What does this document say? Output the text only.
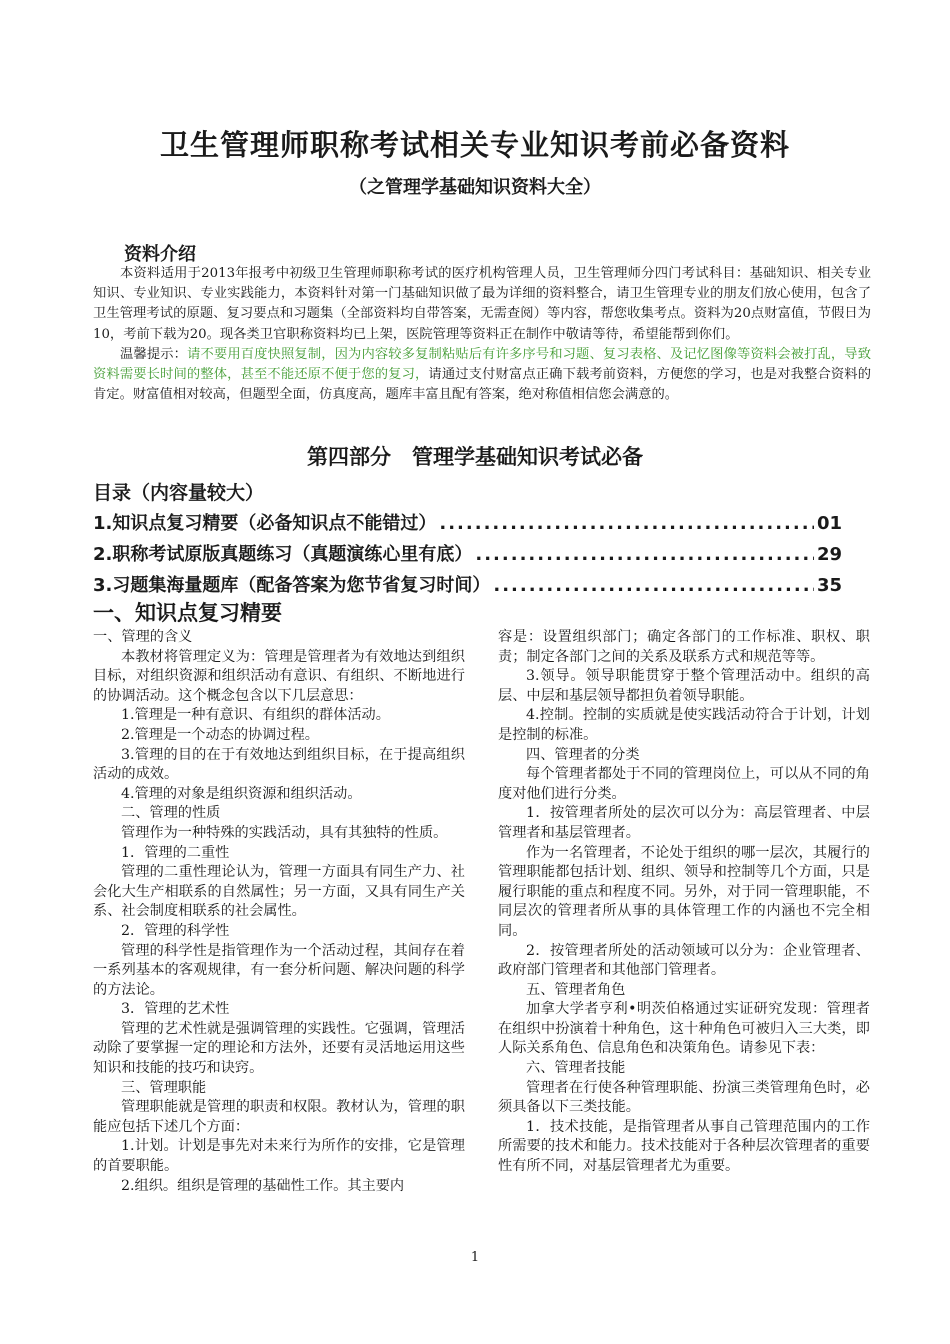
卫生管理师职称考试相关专业知识考前必备资料
（之管理学基础知识资料大全）
资料介绍

本资料适用于2013年报考中初级卫生管理师职称考试的医疗机构管理人员，卫生管理师分四门考试科目：基础知识、相关专业知识、专业知识、专业实践能力，本资料针对第一门基础知识做了最为详细的资料整合，请卫生管理专业的朋友们放心使用，包含了卫生管理考试的原题、复习要点和习题集（全部资料均自带答案，无需查阅）等内容，帮您收集考点。资料为20点财富值，节假日为10，考前下载为20。现各类卫官职称资料均已上架，医院管理等资料正在制作中敬请等待，希望能帮到你们。

温馨提示：请不要用百度快照复制，因为内容较多复制粘贴后有许多序号和习题、复习表格、及记忆图像等资料会被打乱，导致资料需要长时间的整体，甚至不能还原不便于您的复习，请通过支付财富点正确下载考前资料，方便您的学习，也是对我整合资料的肯定。财富值相对较高，但题型全面，仿真度高，题库丰富且配有答案，绝对称值相信您会满意的。

第四部分　管理学基础知识考试必备
目录（内容量较大）
1.知识点复习精要（必备知识点不能错过） .....	01
2.职称考试原版真题练习（真题演练心里有底） .....	29
3.习题集海量题库（配备答案为您节省复习时间） .....	35
一、知识点复习精要

一、管理的含义

本教材将管理定义为：管理是管理者为有效地达到组织目标，对组织资源和组织活动有意识、有组织、不断地进行的协调活动。这个概念包含以下几层意思：

1.管理是一种有意识、有组织的群体活动。

2.管理是一个动态的协调过程。

3.管理的目的在于有效地达到组织目标，在于提高组织活动的成效。

4.管理的对象是组织资源和组织活动。

二、管理的性质

管理作为一种特殊的实践活动，具有其独特的性质。

1．管理的二重性

管理的二重性理论认为，管理一方面具有同生产力、社会化大生产相联系的自然属性；另一方面，又具有同生产关系、社会制度相联系的社会属性。

2．管理的科学性

管理的科学性是指管理作为一个活动过程，其间存在着一系列基本的客观规律，有一套分析问题、解决问题的科学的方法论。

3．管理的艺术性

管理的艺术性就是强调管理的实践性。它强调，管理活动除了要掌握一定的理论和方法外，还要有灵活地运用这些知识和技能的技巧和诀窍。

三、管理职能

管理职能就是管理的职责和权限。教材认为，管理的职能应包括下述几个方面：

1.计划。计划是事先对未来行为所作的安排，它是管理的首要职能。

2.组织。组织是管理的基础性工作。其主要内

容是：设置组织部门；确定各部门的工作标准、职权、职责；制定各部门之间的关系及联系方式和规范等等。

3.领导。领导职能贯穿于整个管理活动中。组织的高层、中层和基层领导都担负着领导职能。

4.控制。控制的实质就是使实践活动符合于计划，计划是控制的标准。

四、管理者的分类

每个管理者都处于不同的管理岗位上，可以从不同的角度对他们进行分类。

1．按管理者所处的层次可以分为：高层管理者、中层管理者和基层管理者。

作为一名管理者，不论处于组织的哪一层次，其履行的管理职能都包括计划、组织、领导和控制等几个方面，只是履行职能的重点和程度不同。另外，对于同一管理职能，不同层次的管理者所从事的具体管理工作的内涵也不完全相同。

2．按管理者所处的活动领域可以分为：企业管理者、政府部门管理者和其他部门管理者。

五、管理者角色

加拿大学者亨利•明茨伯格通过实证研究发现：管理者在组织中扮演着十种角色，这十种角色可被归入三大类，即人际关系角色、信息角色和决策角色。请参见下表：

六、管理者技能

管理者在行使各种管理职能、扮演三类管理角色时，必须具备以下三类技能。

1．技术技能，是指管理者从事自己管理范围内的工作所需要的技术和能力。技术技能对于各种层次管理者的重要性有所不同，对基层管理者尤为重要。

1
